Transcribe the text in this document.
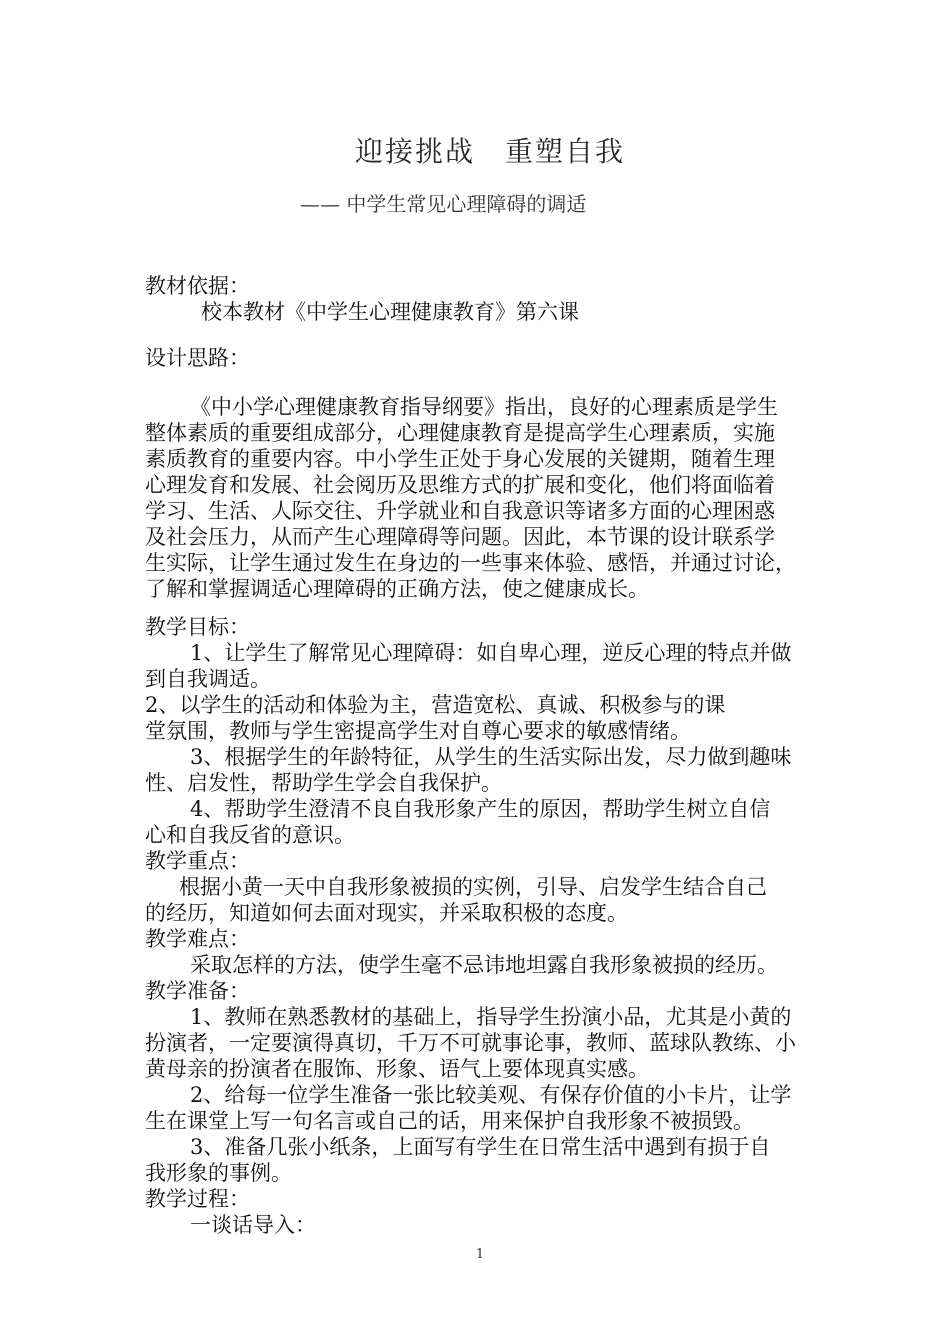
迎接挑战　重塑自我
—— 中学生常见心理障碍的调适
教材依据：
校本教材《中学生心理健康教育》第六课
设计思路：
《中小学心理健康教育指导纲要》指出，良好的心理素质是学生
整体素质的重要组成部分，心理健康教育是提高学生心理素质，实施
素质教育的重要内容。中小学生正处于身心发展的关键期，随着生理
心理发育和发展、社会阅历及思维方式的扩展和变化，他们将面临着
学习、生活、人际交往、升学就业和自我意识等诸多方面的心理困惑
及社会压力，从而产生心理障碍等问题。因此，本节课的设计联系学
生实际，让学生通过发生在身边的一些事来体验、感悟，并通过讨论，
了解和掌握调适心理障碍的正确方法，使之健康成长。
教学目标：
1、让学生了解常见心理障碍：如自卑心理，逆反心理的特点并做
到自我调适。
2、以学生的活动和体验为主，营造宽松、真诚、积极参与的课
堂氛围，教师与学生密提高学生对自尊心要求的敏感情绪。
3、根据学生的年龄特征，从学生的生活实际出发，尽力做到趣味
性、启发性，帮助学生学会自我保护。
4、帮助学生澄清不良自我形象产生的原因，帮助学生树立自信
心和自我反省的意识。
教学重点：
根据小黄一天中自我形象被损的实例，引导、启发学生结合自己
的经历，知道如何去面对现实，并采取积极的态度。
教学难点：
采取怎样的方法，使学生毫不忌讳地坦露自我形象被损的经历。
教学准备：
1、教师在熟悉教材的基础上，指导学生扮演小品，尤其是小黄的
扮演者，一定要演得真切，千万不可就事论事，教师、蓝球队教练、小
黄母亲的扮演者在服饰、形象、语气上要体现真实感。
2、给每一位学生准备一张比较美观、有保存价值的小卡片，让学
生在课堂上写一句名言或自己的话，用来保护自我形象不被损毁。
3、准备几张小纸条，上面写有学生在日常生活中遇到有损于自
我形象的事例。
教学过程：
一谈话导入：
1
